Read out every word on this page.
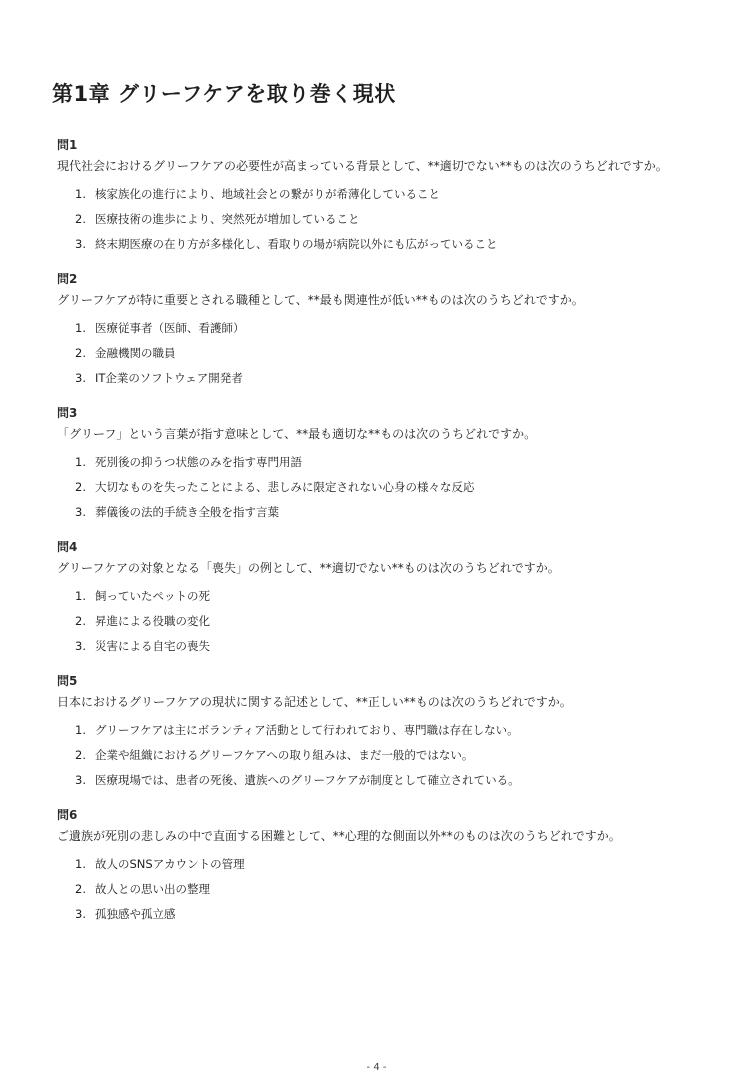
第1章 グリーフケアを取り巻く現状
問1
現代社会におけるグリーフケアの必要性が高まっている背景として、**適切でない**ものは次のうちどれですか。
1. 核家族化の進行により、地域社会との繋がりが希薄化していること
2. 医療技術の進歩により、突然死が増加していること
3. 終末期医療の在り方が多様化し、看取りの場が病院以外にも広がっていること
問2
グリーフケアが特に重要とされる職種として、**最も関連性が低い**ものは次のうちどれですか。
1. 医療従事者（医師、看護師）
2. 金融機関の職員
3. IT企業のソフトウェア開発者
問3
「グリーフ」という言葉が指す意味として、**最も適切な**ものは次のうちどれですか。
1. 死別後の抑うつ状態のみを指す専門用語
2. 大切なものを失ったことによる、悲しみに限定されない心身の様々な反応
3. 葬儀後の法的手続き全般を指す言葉
問4
グリーフケアの対象となる「喪失」の例として、**適切でない**ものは次のうちどれですか。
1. 飼っていたペットの死
2. 昇進による役職の変化
3. 災害による自宅の喪失
問5
日本におけるグリーフケアの現状に関する記述として、**正しい**ものは次のうちどれですか。
1. グリーフケアは主にボランティア活動として行われており、専門職は存在しない。
2. 企業や組織におけるグリーフケアへの取り組みは、まだ一般的ではない。
3. 医療現場では、患者の死後、遺族へのグリーフケアが制度として確立されている。
問6
ご遺族が死別の悲しみの中で直面する困難として、**心理的な側面以外**のものは次のうちどれですか。
1. 故人のSNSアカウントの管理
2. 故人との思い出の整理
3. 孤独感や孤立感
- 4 -
